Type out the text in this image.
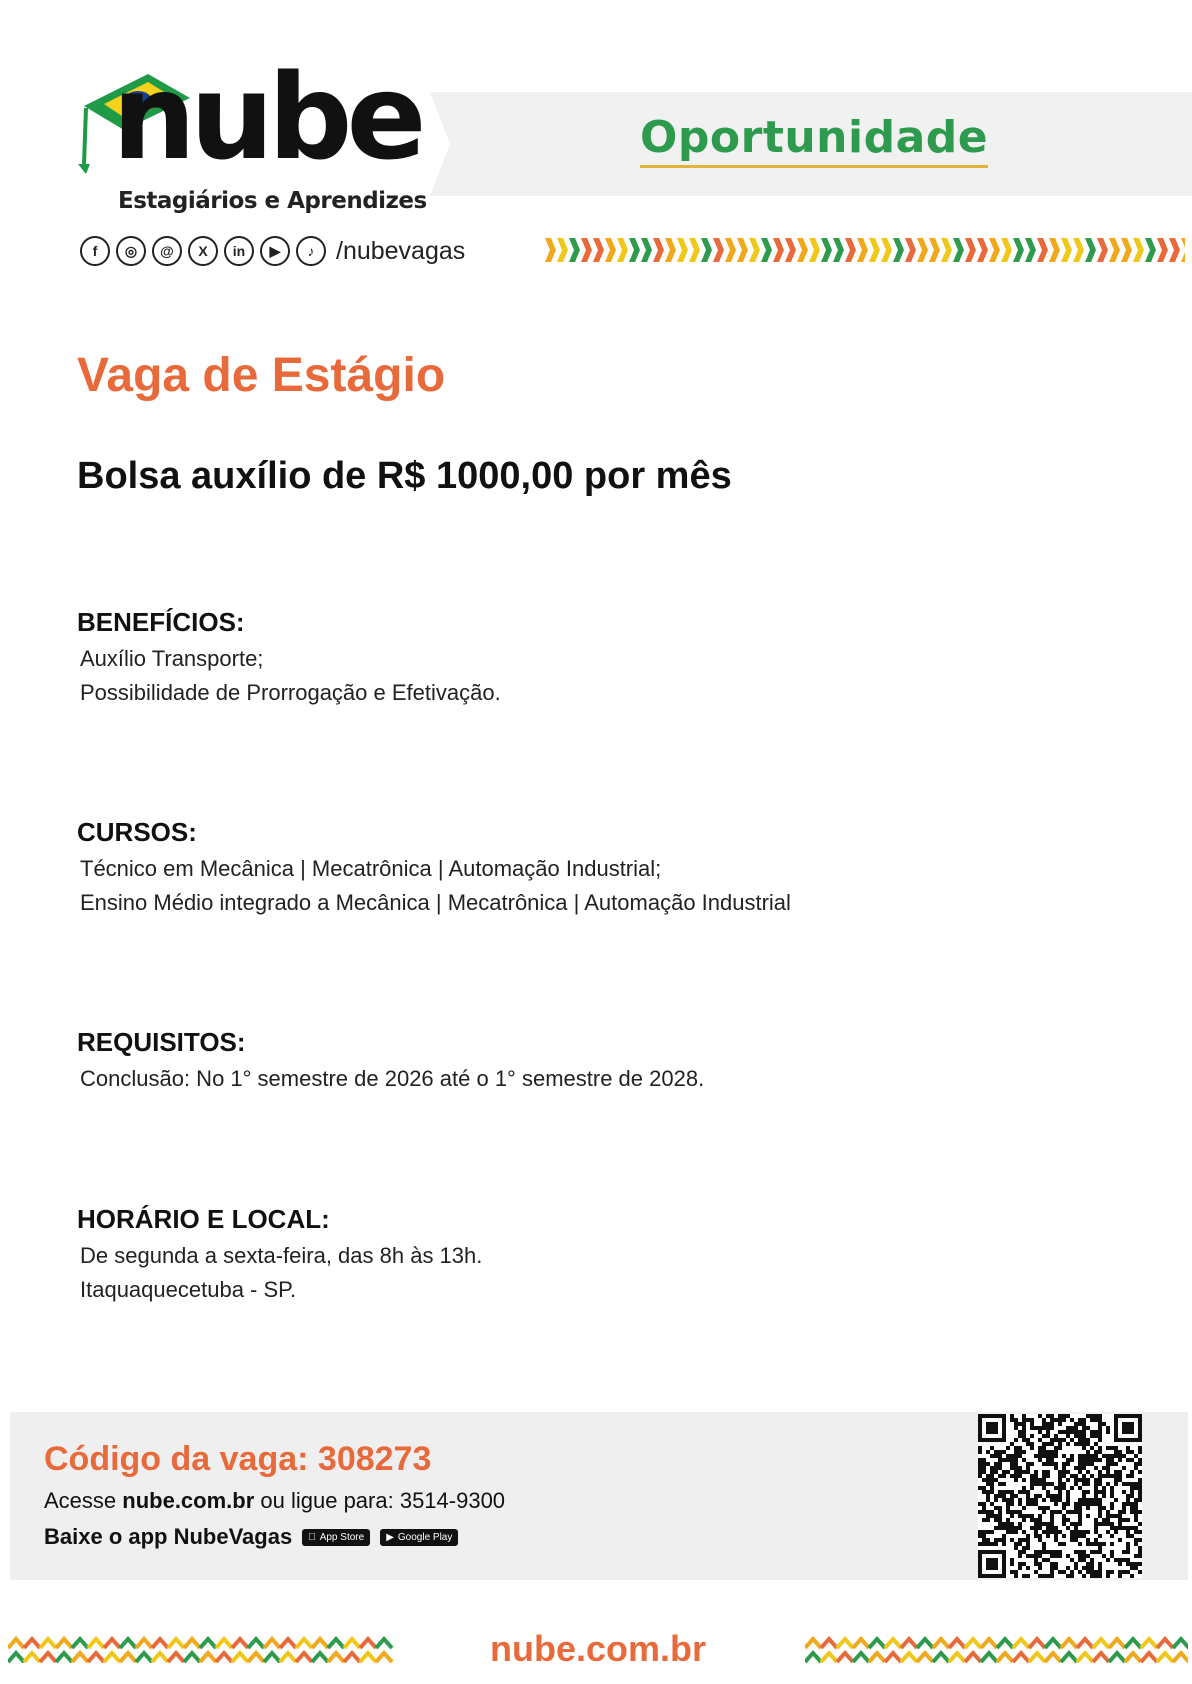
nube
Estagiários e Aprendizes
Oportunidade
f	◎	@	X	in	▶	♪ /nubevagas
Vaga de Estágio
Bolsa auxílio de R$ 1000,00 por mês
BENEFÍCIOS:
Auxílio Transporte;
Possibilidade de Prorrogação e Efetivação.
CURSOS:
Técnico em Mecânica | Mecatrônica | Automação Industrial;
Ensino Médio integrado a Mecânica | Mecatrônica | Automação Industrial
REQUISITOS:
Conclusão: No 1° semestre de 2026 até o 1° semestre de 2028.
HORÁRIO E LOCAL:
De segunda a sexta-feira, das 8h às 13h.
Itaquaquecetuba - SP.
Código da vaga: 308273
Acesse nube.com.br ou ligue para: 3514-9300
Baixe o app NubeVagas App Store ▶ Google Play
nube.com.br
